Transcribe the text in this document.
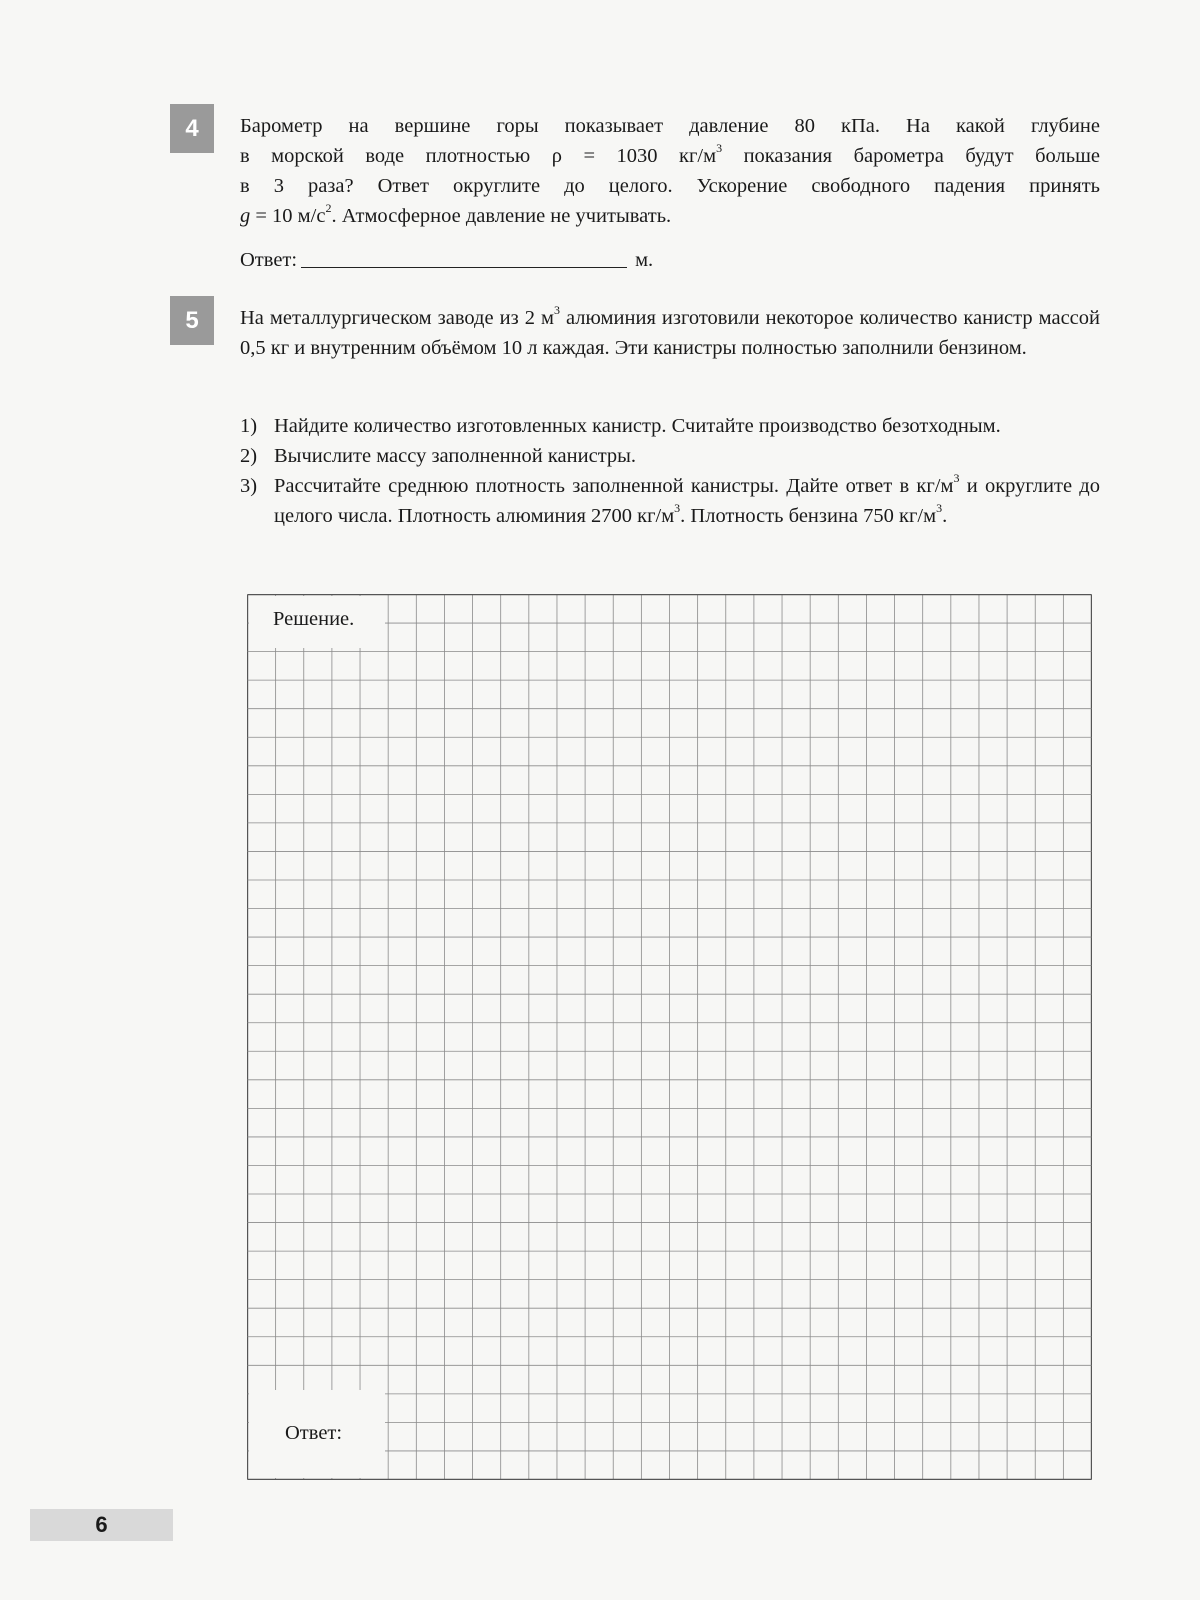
4	Барометр на вершине горы показывает давление 80 кПа. На какой глубине
в морской воде плотностью ρ = 1030 $кг/м^3$ показания барометра будут больше
в 3 раза? Ответ округлите до целого. Ускорение свободного падения принять
g = 10 $м/с^2$. Атмосферное давление не учитывать.
Ответ:	м.
5	На металлургическом заводе из 2 $м^3$ алюминия изготовили некоторое количество канистр массой 0,5 кг и внутренним объёмом 10 л каждая. Эти канистры полностью заполнили бензином.
1) Найдите количество изготовленных канистр. Считайте производство безотходным.
2) Вычислите массу заполненной канистры.
3) Рассчитайте среднюю плотность заполненной канистры. Дайте ответ в $кг/м^3$ и округлите до целого числа. Плотность алюминия 2700 $кг/м^3$. Плотность бензина 750 $кг/м^3$.
Решение.
Ответ:
6
